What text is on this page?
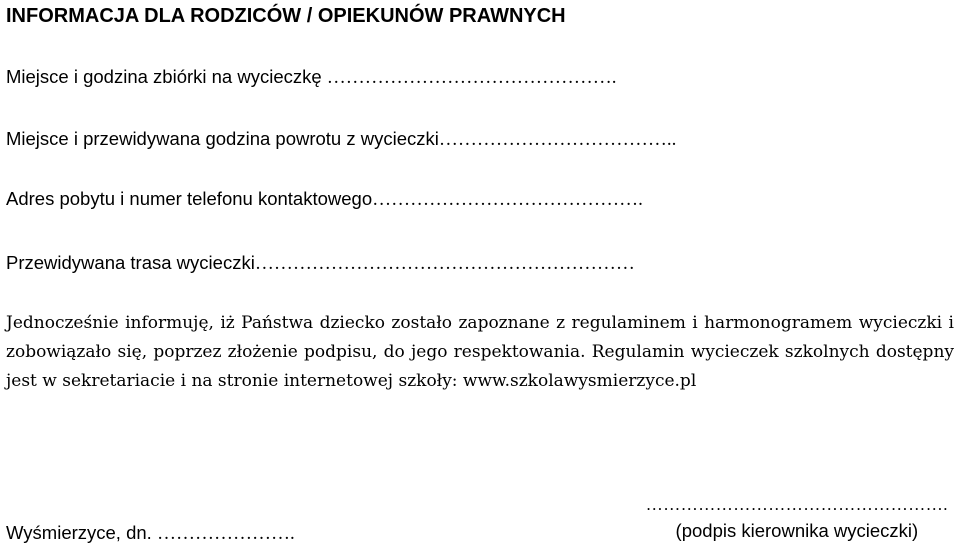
INFORMACJA DLA RODZICÓW / OPIEKUNÓW PRAWNYCH
Miejsce i godzina zbiórki na wycieczkę ……………………………………….
Miejsce i przewidywana godzina powrotu z wycieczki………………………………..
Adres pobytu i numer telefonu kontaktowego…………………………………….
Przewidywana trasa wycieczki……………………………………………………
Jednocześnie informuję, iż Państwa dziecko zostało zapoznane z regulaminem i harmonogramem wycieczki i zobowiązało się, poprzez złożenie podpisu, do jego respektowania. Regulamin wycieczek szkolnych dostępny jest w sekretariacie i na stronie internetowej szkoły: www.szkolawysmierzyce.pl
Wyśmierzyce, dn. ………………….
…………………………………………….
(podpis kierownika wycieczki)
